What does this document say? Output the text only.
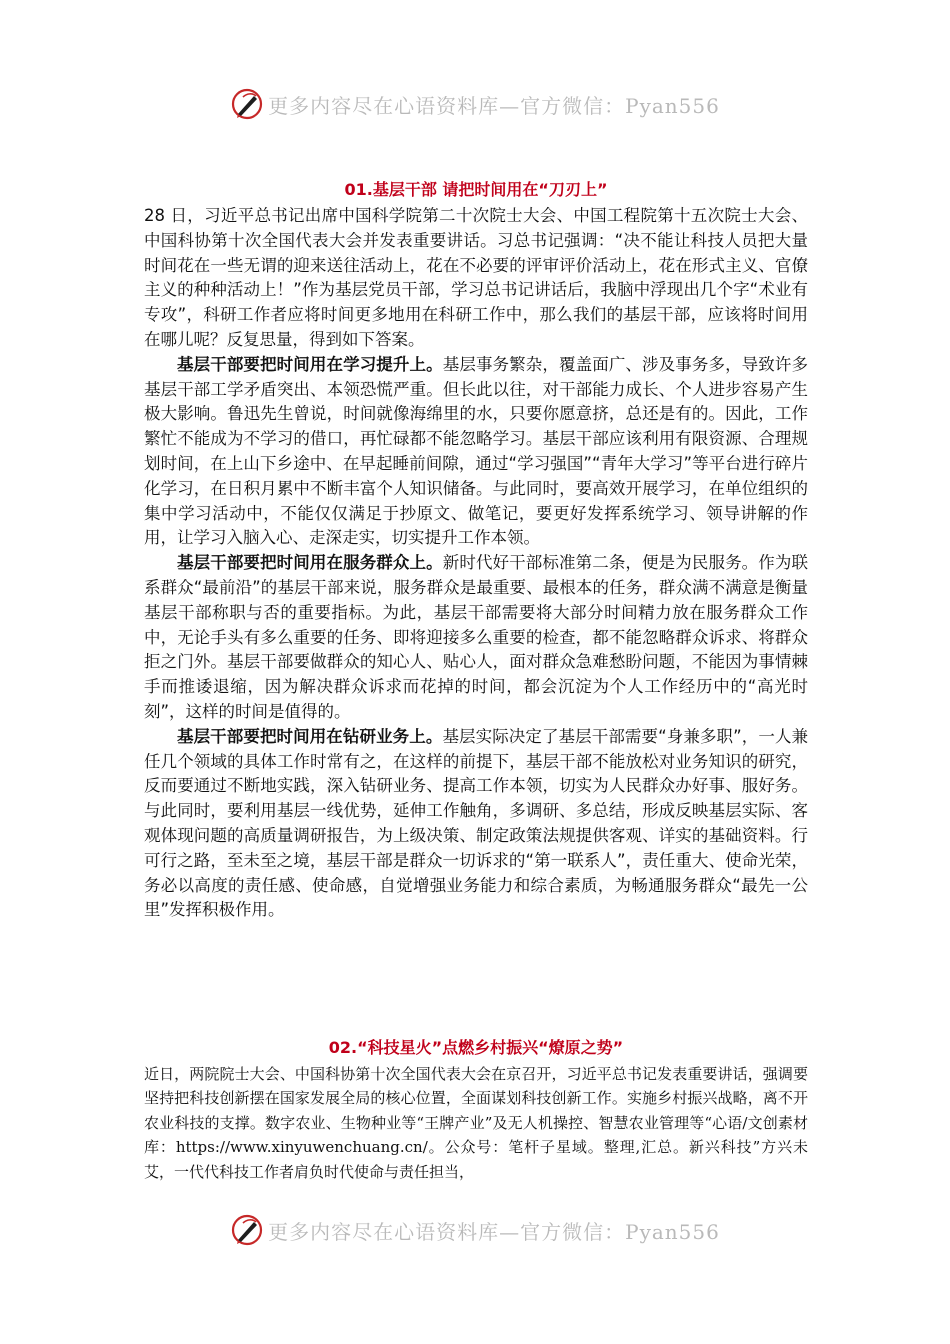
更多内容尽在心语资料库—官方微信：Pyan556
01.基层干部 请把时间用在“刀刃上”

28 日，习近平总书记出席中国科学院第二十次院士大会、中国工程院第十五次院士大会、中国科协第十次全国代表大会并发表重要讲话。习总书记强调：“决不能让科技人员把大量时间花在一些无谓的迎来送往活动上，花在不必要的评审评价活动上，花在形式主义、官僚主义的种种活动上！”作为基层党员干部，学习总书记讲话后，我脑中浮现出几个字“术业有专攻”，科研工作者应将时间更多地用在科研工作中，那么我们的基层干部，应该将时间用在哪儿呢？反复思量，得到如下答案。

基层干部要把时间用在学习提升上。基层事务繁杂，覆盖面广、涉及事务多，导致许多基层干部工学矛盾突出、本领恐慌严重。但长此以往，对干部能力成长、个人进步容易产生极大影响。鲁迅先生曾说，时间就像海绵里的水，只要你愿意挤，总还是有的。因此，工作繁忙不能成为不学习的借口，再忙碌都不能忽略学习。基层干部应该利用有限资源、合理规划时间，在上山下乡途中、在早起睡前间隙，通过“学习强国”“青年大学习”等平台进行碎片化学习，在日积月累中不断丰富个人知识储备。与此同时，要高效开展学习，在单位组织的集中学习活动中，不能仅仅满足于抄原文、做笔记，要更好发挥系统学习、领导讲解的作用，让学习入脑入心、走深走实，切实提升工作本领。

基层干部要把时间用在服务群众上。新时代好干部标准第二条，便是为民服务。作为联系群众“最前沿”的基层干部来说，服务群众是最重要、最根本的任务，群众满不满意是衡量基层干部称职与否的重要指标。为此，基层干部需要将大部分时间精力放在服务群众工作中，无论手头有多么重要的任务、即将迎接多么重要的检查，都不能忽略群众诉求、将群众拒之门外。基层干部要做群众的知心人、贴心人，面对群众急难愁盼问题，不能因为事情棘手而推诿退缩，因为解决群众诉求而花掉的时间，都会沉淀为个人工作经历中的“高光时刻”，这样的时间是值得的。

基层干部要把时间用在钻研业务上。基层实际决定了基层干部需要“身兼多职”，一人兼任几个领域的具体工作时常有之，在这样的前提下，基层干部不能放松对业务知识的研究，反而要通过不断地实践，深入钻研业务、提高工作本领，切实为人民群众办好事、服好务。与此同时，要利用基层一线优势，延伸工作触角，多调研、多总结，形成反映基层实际、客观体现问题的高质量调研报告，为上级决策、制定政策法规提供客观、详实的基础资料。行可行之路，至未至之境，基层干部是群众一切诉求的“第一联系人”，责任重大、使命光荣，务必以高度的责任感、使命感，自觉增强业务能力和综合素质，为畅通服务群众“最先一公里”发挥积极作用。

02.“科技星火”点燃乡村振兴“燎原之势”

近日，两院院士大会、中国科协第十次全国代表大会在京召开，习近平总书记发表重要讲话，强调要坚持把科技创新摆在国家发展全局的核心位置，全面谋划科技创新工作。实施乡村振兴战略，离不开农业科技的支撑。数字农业、生物种业等“王牌产业”及无人机操控、智慧农业管理等“心语/文创素材库：https://www.xinyuwenchuang.cn/。公众号：笔杆子星域。整理,汇总。新兴科技”方兴未艾，一代代科技工作者肩负时代使命与责任担当，

更多内容尽在心语资料库—官方微信：Pyan556
